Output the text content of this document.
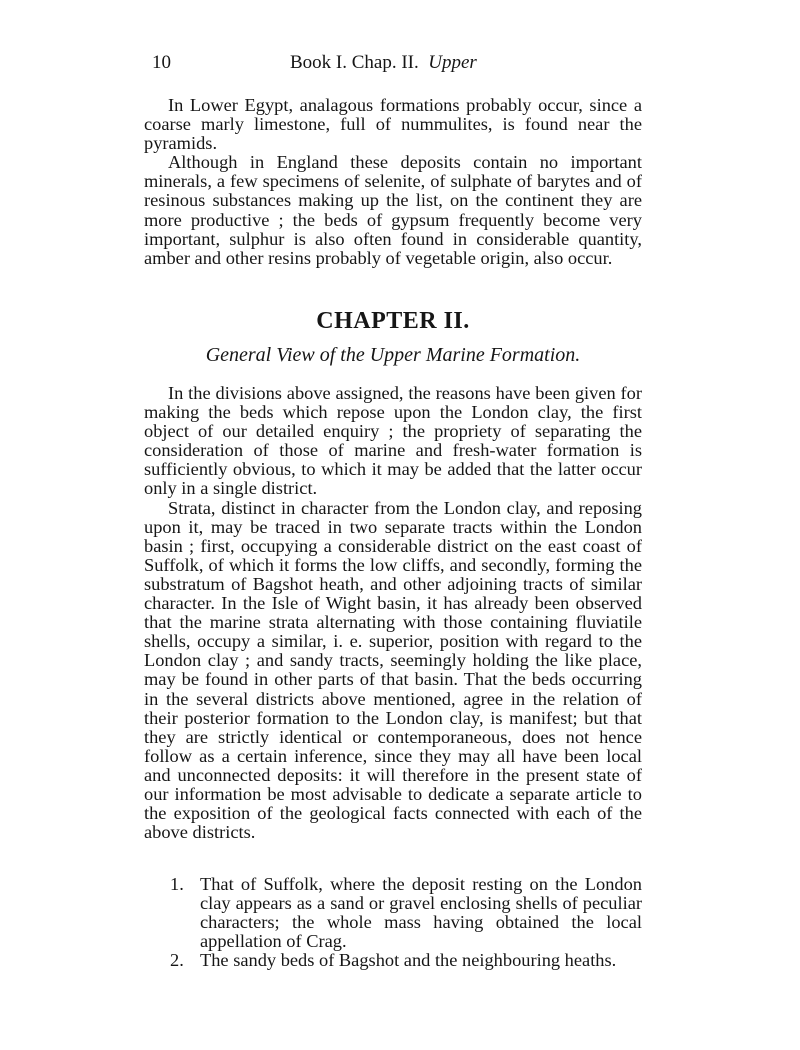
10	Book I. Chap. II. Upper

In Lower Egypt, analagous formations probably occur, since a coarse marly limestone, full of nummulites, is found near the pyramids.

Although in England these deposits contain no important minerals, a few specimens of selenite, of sulphate of barytes and of resinous substances making up the list, on the continent they are more productive ; the beds of gypsum frequently become very important, sulphur is also often found in considerable quantity, amber and other resins probably of vegetable origin, also occur.

CHAPTER II.
General View of the Upper Marine Formation.

In the divisions above assigned, the reasons have been given for making the beds which repose upon the London clay, the first object of our detailed enquiry ; the propriety of separating the consideration of those of marine and fresh-water formation is sufficiently obvious, to which it may be added that the latter occur only in a single district.

Strata, distinct in character from the London clay, and reposing upon it, may be traced in two separate tracts within the London basin ; first, occupying a considerable district on the east coast of Suffolk, of which it forms the low cliffs, and secondly, forming the substratum of Bagshot heath, and other adjoining tracts of similar character. In the Isle of Wight basin, it has already been observed that the marine strata alternating with those containing fluviatile shells, occupy a similar, i. e. superior, position with regard to the London clay ; and sandy tracts, seemingly holding the like place, may be found in other parts of that basin. That the beds occurring in the several districts above mentioned, agree in the relation of their posterior formation to the London clay, is manifest; but that they are strictly identical or contemporaneous, does not hence follow as a certain inference, since they may all have been local and unconnected deposits: it will therefore in the present state of our information be most advisable to dedicate a separate article to the exposition of the geological facts connected with each of the above districts.

1. That of Suffolk, where the deposit resting on the London clay appears as a sand or gravel enclosing shells of peculiar characters; the whole mass having obtained the local appellation of Crag.
2. The sandy beds of Bagshot and the neighbouring heaths.
